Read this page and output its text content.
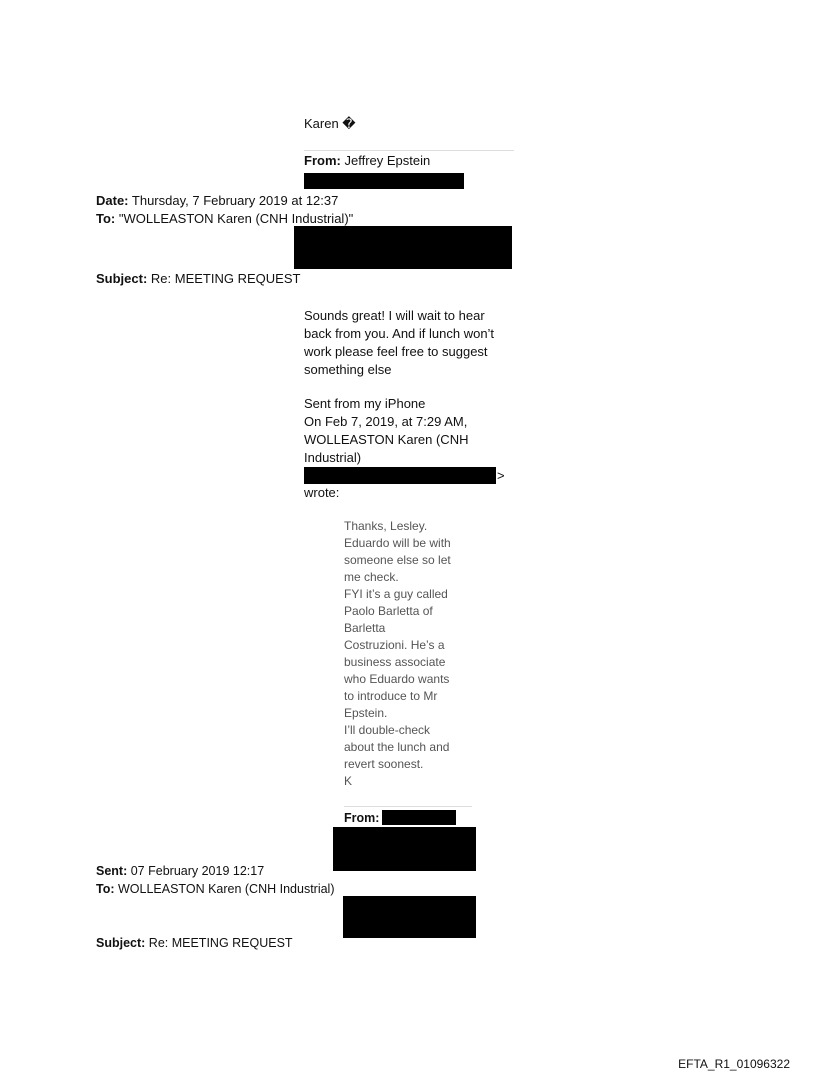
Karen �
From: Jeffrey Epstein
Date: Thursday, 7 February 2019 at 12:37
To: "WOLLEASTON Karen (CNH Industrial)"
Subject: Re: MEETING REQUEST
Sounds great! I will wait to hear
back from you. And if lunch won’t
work please feel free to suggest
something else
Sent from my iPhone
On Feb 7, 2019, at 7:29 AM,
WOLLEASTON Karen (CNH
Industrial)
>
wrote:
Thanks, Lesley.
Eduardo will be with
someone else so let
me check.
FYI it’s a guy called
Paolo Barletta of
Barletta
Costruzioni. He’s a
business associate
who Eduardo wants
to introduce to Mr
Epstein.
I’ll double-check
about the lunch and
revert soonest.
K
From:
Sent: 07 February 2019 12:17
To: WOLLEASTON Karen (CNH Industrial)
Subject: Re: MEETING REQUEST
EFTA_R1_01096322
